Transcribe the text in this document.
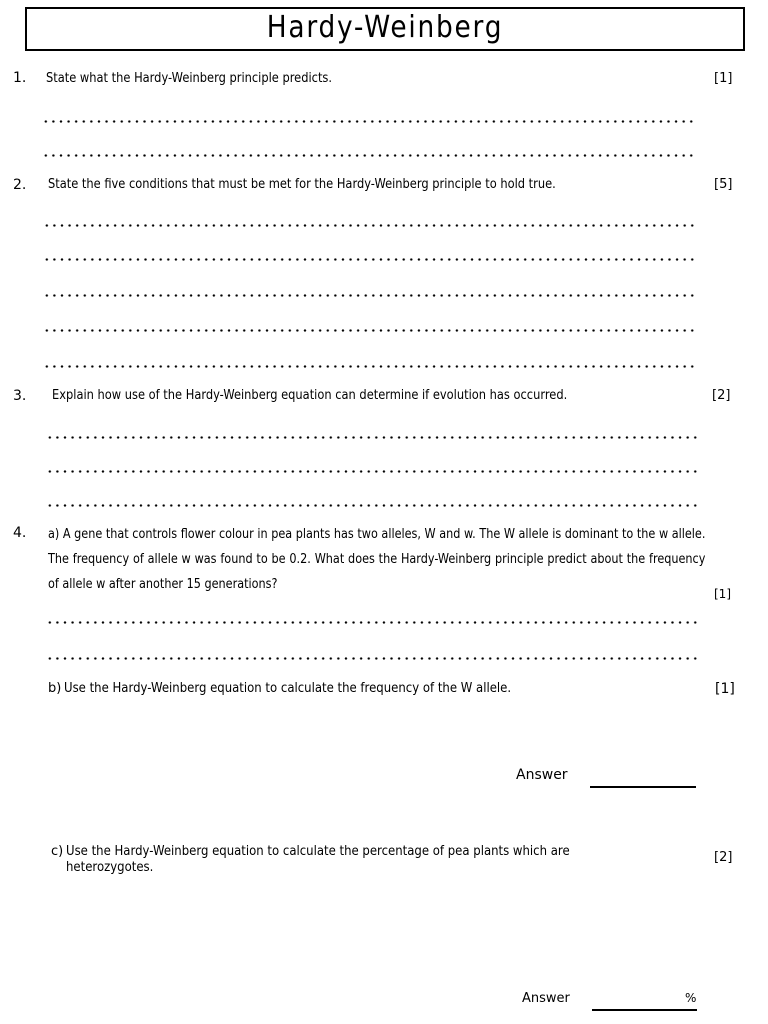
Hardy-Weinberg
1. State what the Hardy-Weinberg principle predicts.	[1]
2. State the five conditions that must be met for the Hardy-Weinberg principle to hold true.	[5]
3. Explain how use of the Hardy-Weinberg equation can determine if evolution has occurred.	[2]
4. a) A gene that controls flower colour in pea plants has two alleles, W and w. The W allele is dominant to the w allele. The frequency of allele w was found to be 0.2. What does the Hardy-Weinberg principle predict about the frequency of allele w after another 15 generations?
[1]
b) Use the Hardy-Weinberg equation to calculate the frequency of the W allele.	[1]
Answer
c) Use the Hardy-Weinberg equation to calculate the percentage of pea plants which are
heterozygotes.
[2]
Answer	%
